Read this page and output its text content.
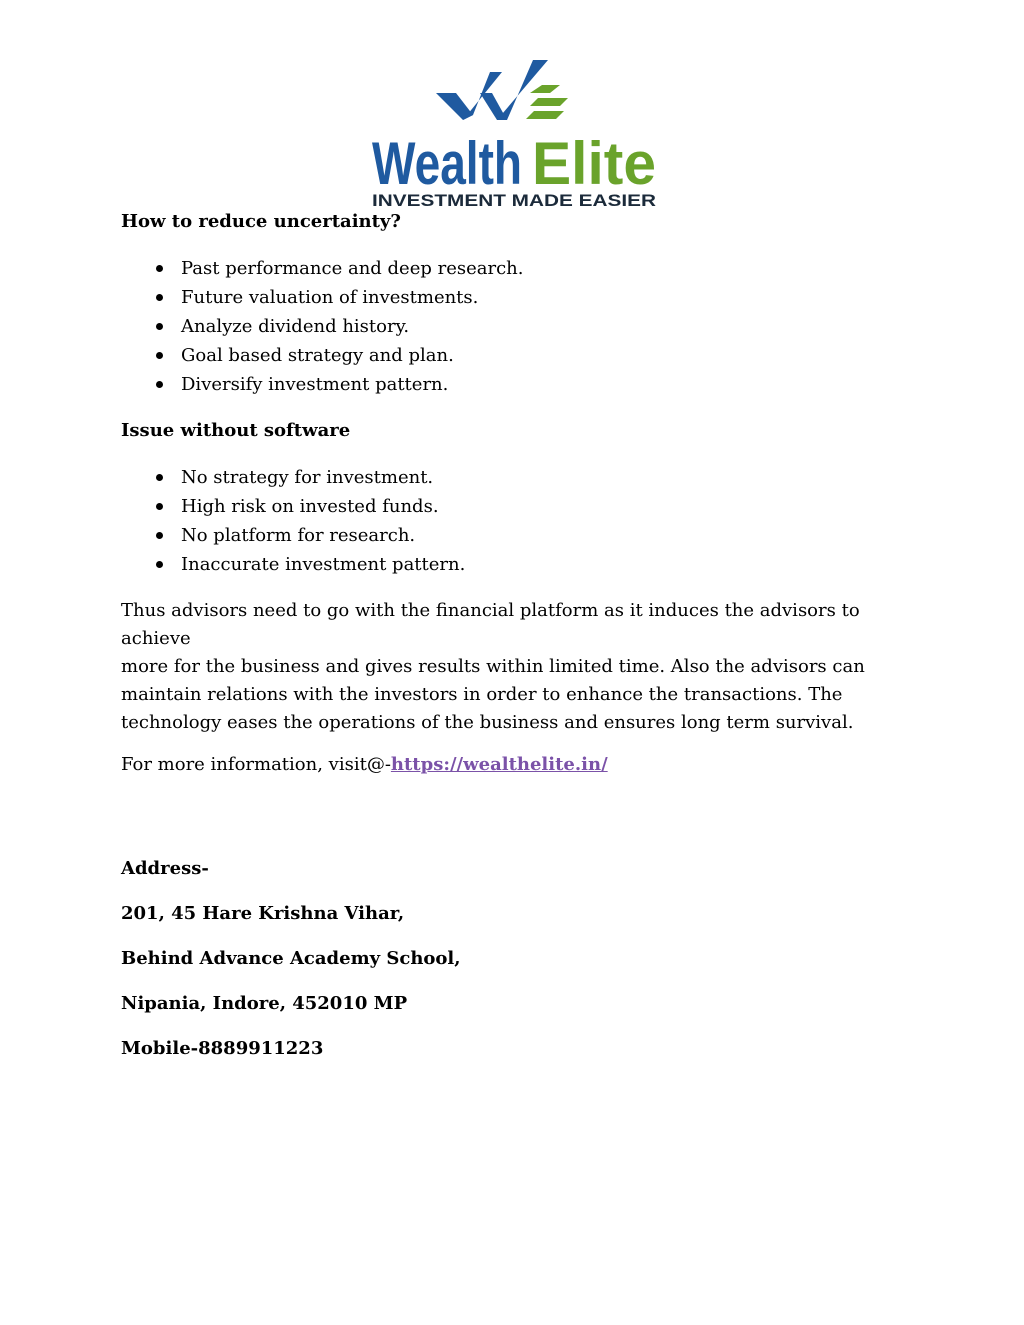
Wealth Elite
INVESTMENT MADE EASIER

How to reduce uncertainty?

Past performance and deep research.
Future valuation of investments.
Analyze dividend history.
Goal based strategy and plan.
Diversify investment pattern.

Issue without software

No strategy for investment.
High risk on invested funds.
No platform for research.
Inaccurate investment pattern.

Thus advisors need to go with the financial platform as it induces the advisors to achieve
more for the business and gives results within limited time. Also the advisors can
maintain relations with the investors in order to enhance the transactions. The
technology eases the operations of the business and ensures long term survival.

For more information, visit@-https://wealthelite.in/

Address-

201, 45 Hare Krishna Vihar,

Behind Advance Academy School,

Nipania, Indore, 452010 MP

Mobile-8889911223
